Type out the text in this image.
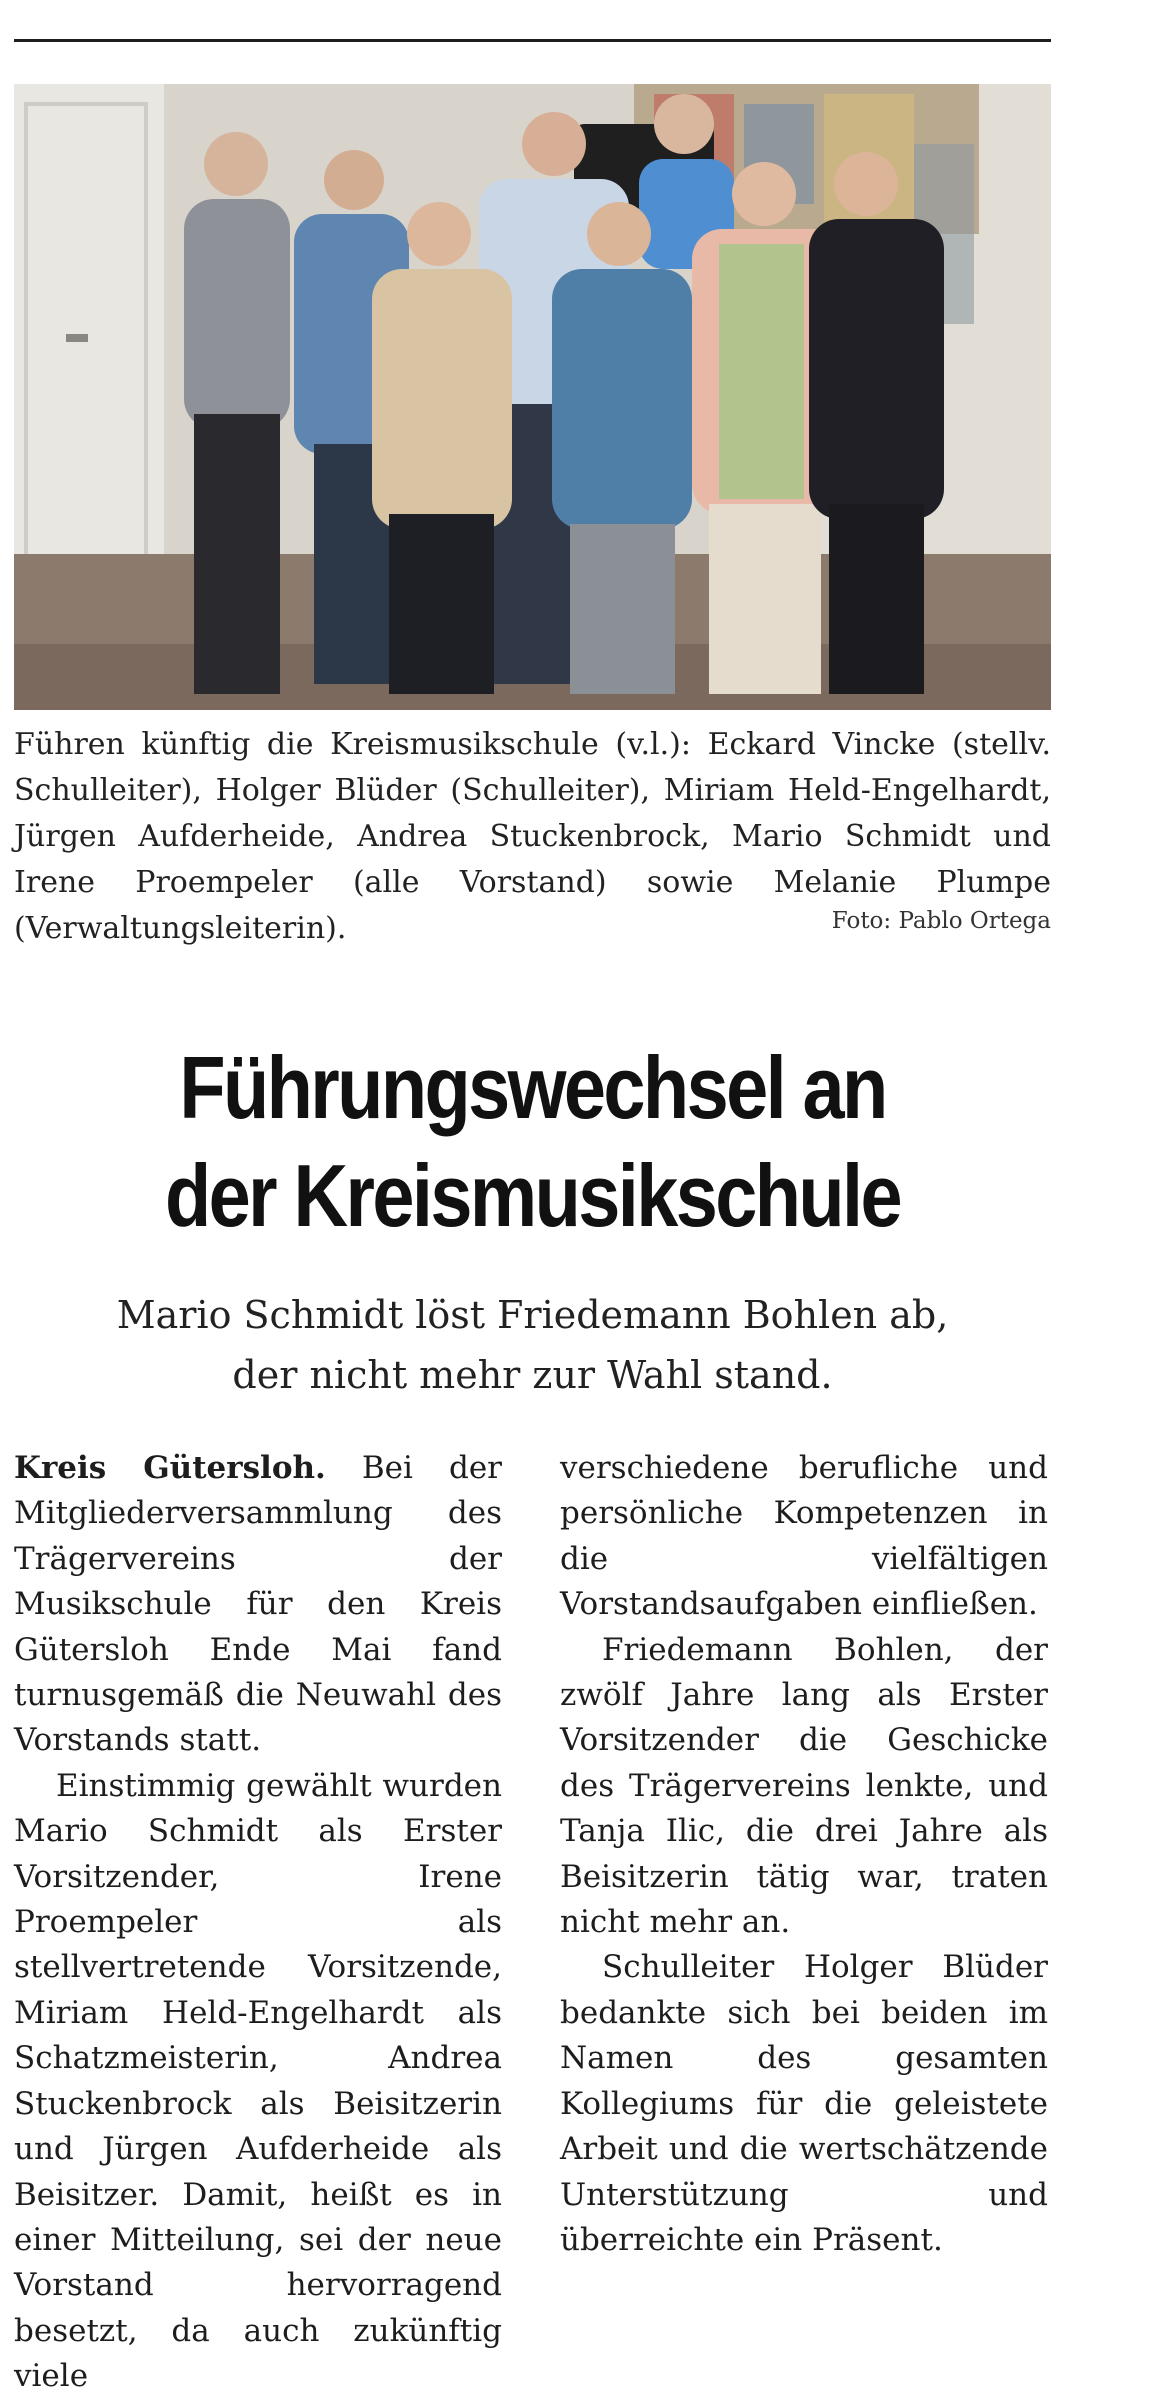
Führen künftig die Kreismusikschule (v.l.): Eckard Vincke (stellv. Schulleiter), Holger Blüder (Schulleiter), Miriam Held-Engelhardt, Jürgen Aufderheide, Andrea Stuckenbrock, Mario Schmidt und Irene Proempeler (alle Vorstand) sowie Melanie Plumpe (Verwaltungsleiterin).	Foto: Pablo Ortega
Führungswechsel an
der Kreismusikschule
Mario Schmidt löst Friedemann Bohlen ab,
der nicht mehr zur Wahl stand.

Kreis Gütersloh. Bei der Mitgliederversammlung des Trägervereins der Musikschule für den Kreis Gütersloh Ende Mai fand turnusgemäß die Neuwahl des Vorstands statt.

Einstimmig gewählt wurden Mario Schmidt als Erster Vorsitzender, Irene Proempeler als stellvertretende Vorsitzende, Miriam Held-Engelhardt als Schatzmeisterin, Andrea Stuckenbrock als Beisitzerin und Jürgen Aufderheide als Beisitzer. Damit, heißt es in einer Mitteilung, sei der neue Vorstand hervorragend besetzt, da auch zukünftig viele

verschiedene berufliche und persönliche Kompetenzen in die vielfältigen Vorstandsaufgaben einfließen.

Friedemann Bohlen, der zwölf Jahre lang als Erster Vorsitzender die Geschicke des Trägervereins lenkte, und Tanja Ilic, die drei Jahre als Beisitzerin tätig war, traten nicht mehr an.

Schulleiter Holger Blüder bedankte sich bei beiden im Namen des gesamten Kollegiums für die geleistete Arbeit und die wertschätzende Unterstützung und überreichte ein Präsent.
